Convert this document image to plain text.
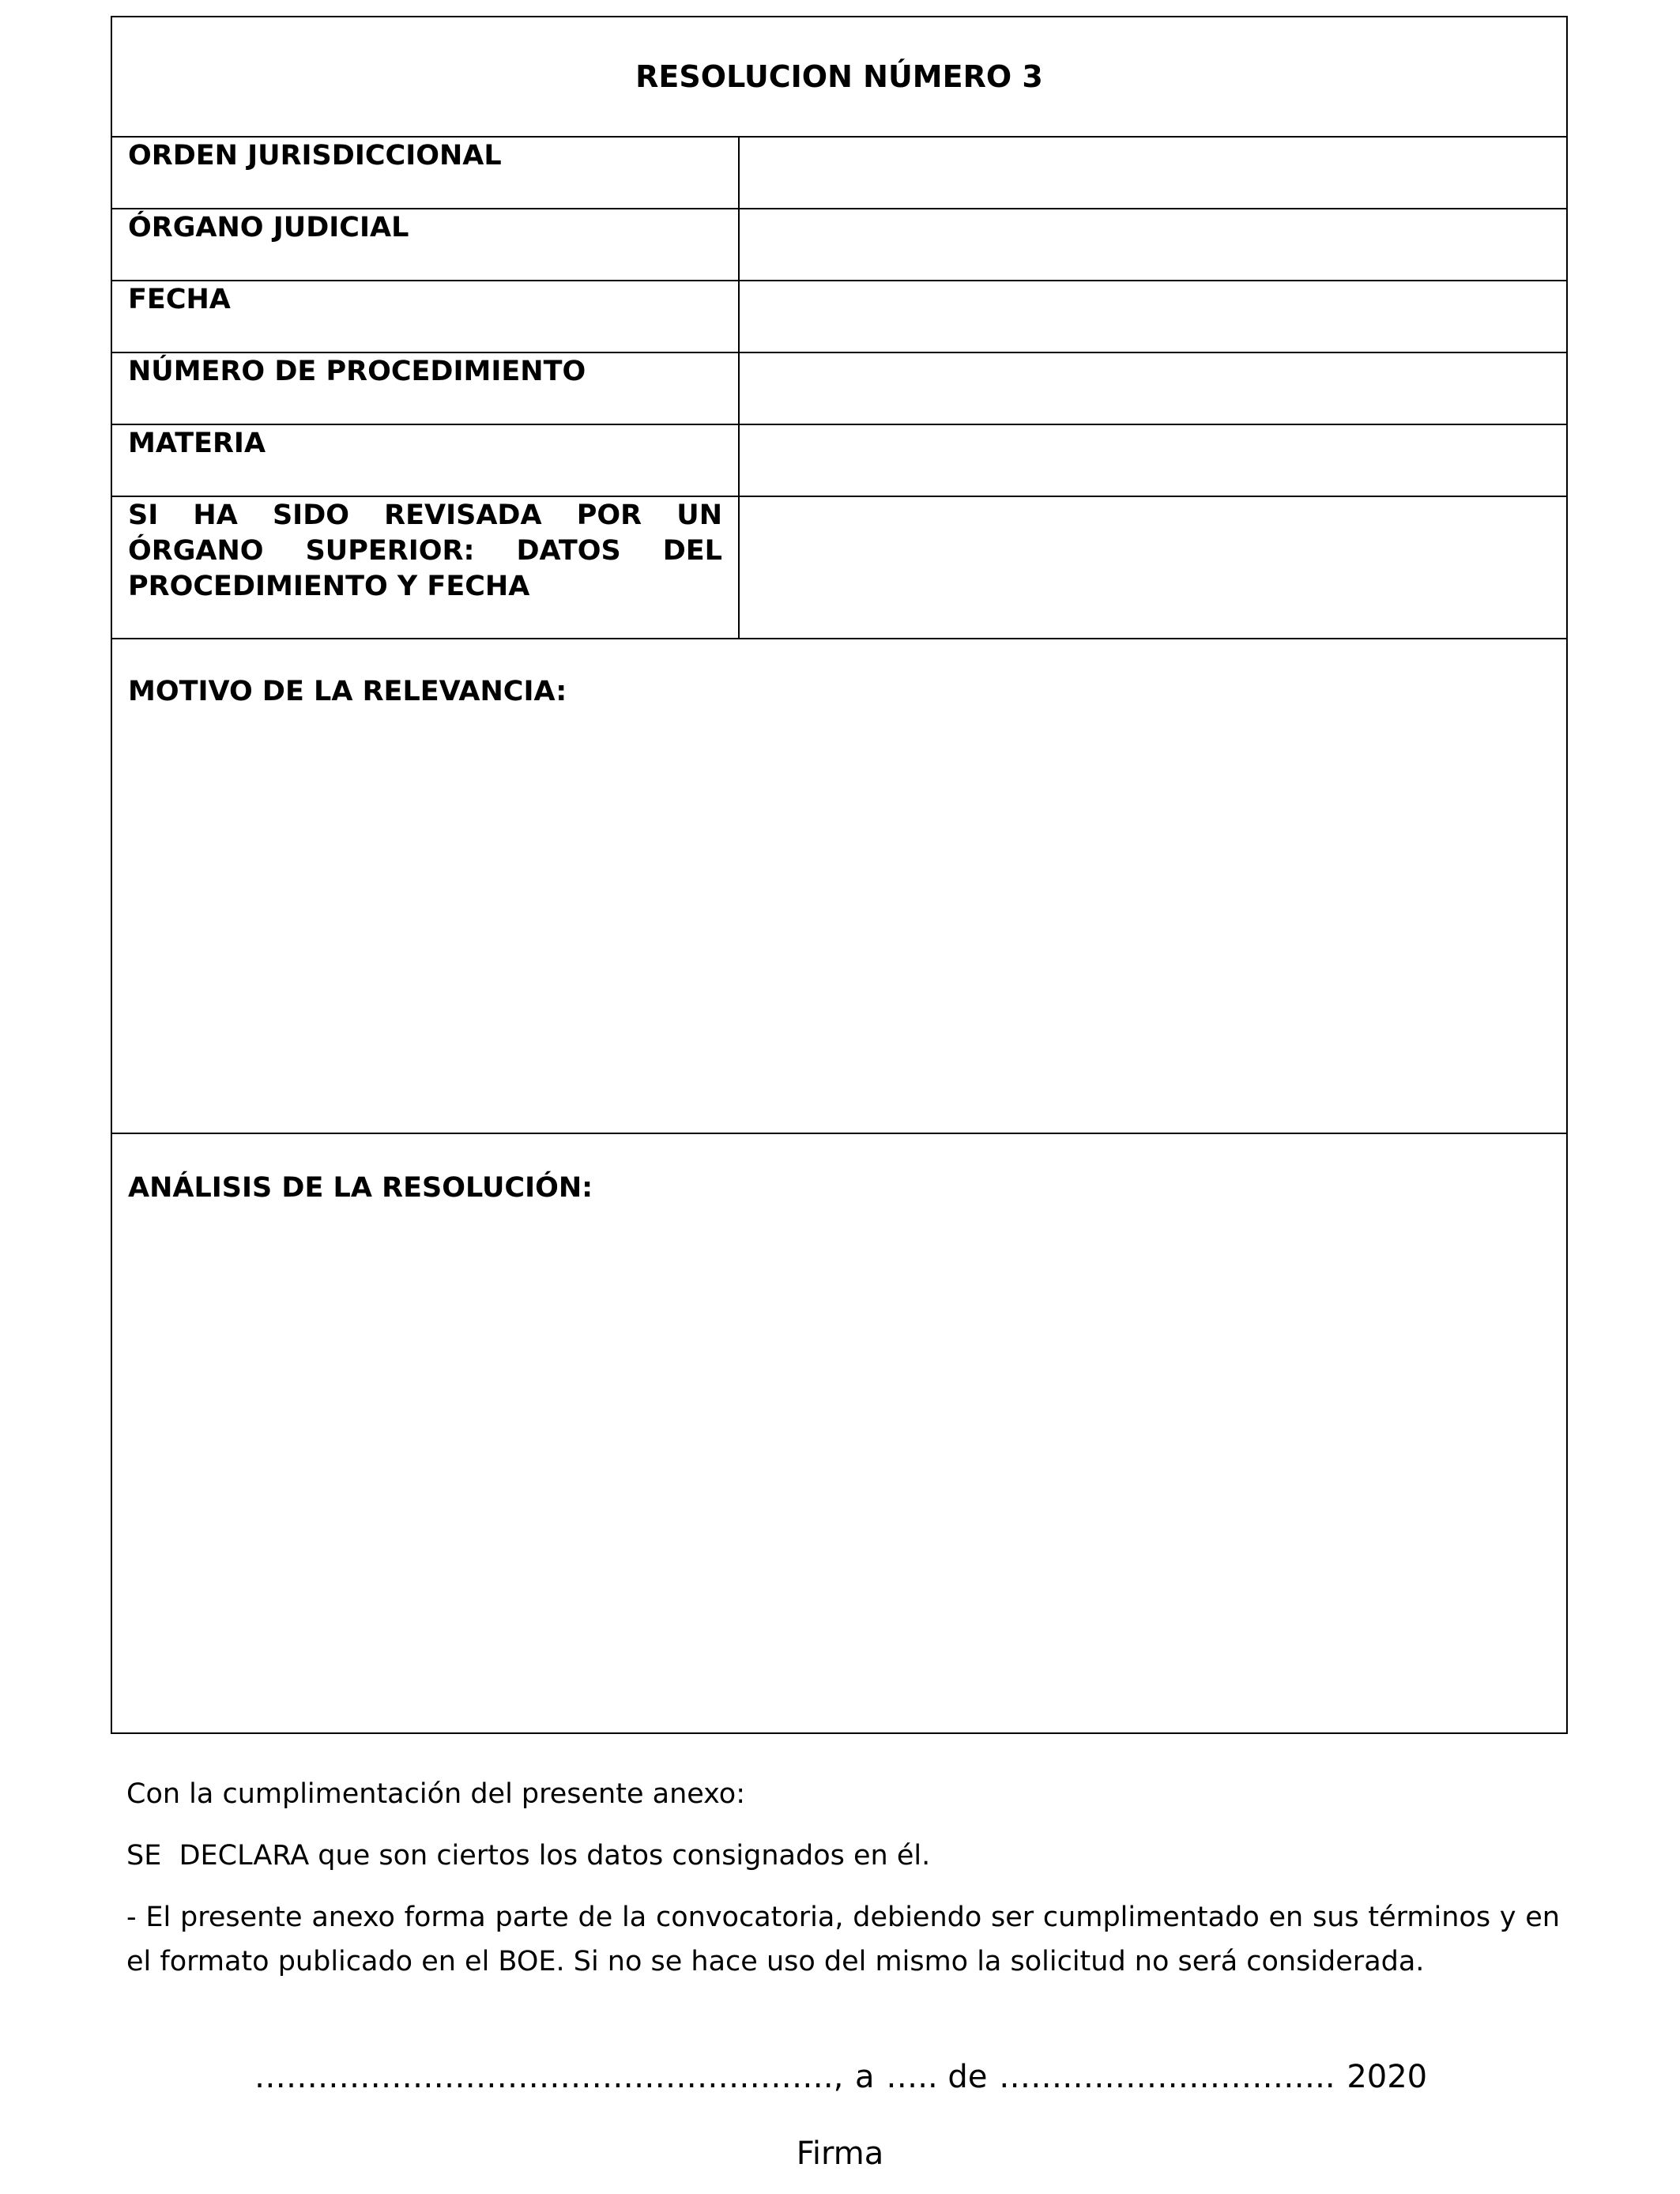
RESOLUCION NÚMERO 3
ORDEN JURISDICCIONAL
ÓRGANO JUDICIAL
FECHA
NÚMERO DE PROCEDIMIENTO
MATERIA
SI HA SIDO REVISADA POR UN ÓRGANO SUPERIOR: DATOS DEL PROCEDIMIENTO Y FECHA
MOTIVO DE LA RELEVANCIA:
ANÁLISIS DE LA RESOLUCIÓN:
Con la cumplimentación del presente anexo:
SE  DECLARA que son ciertos los datos consignados en él.
- El presente anexo forma parte de la convocatoria, debiendo ser cumplimentado en sus términos y en el formato publicado en el BOE. Si no se hace uso del mismo la solicitud no será considerada.
………………………………………………., a ….. de ………………………….. 2020
Firma
